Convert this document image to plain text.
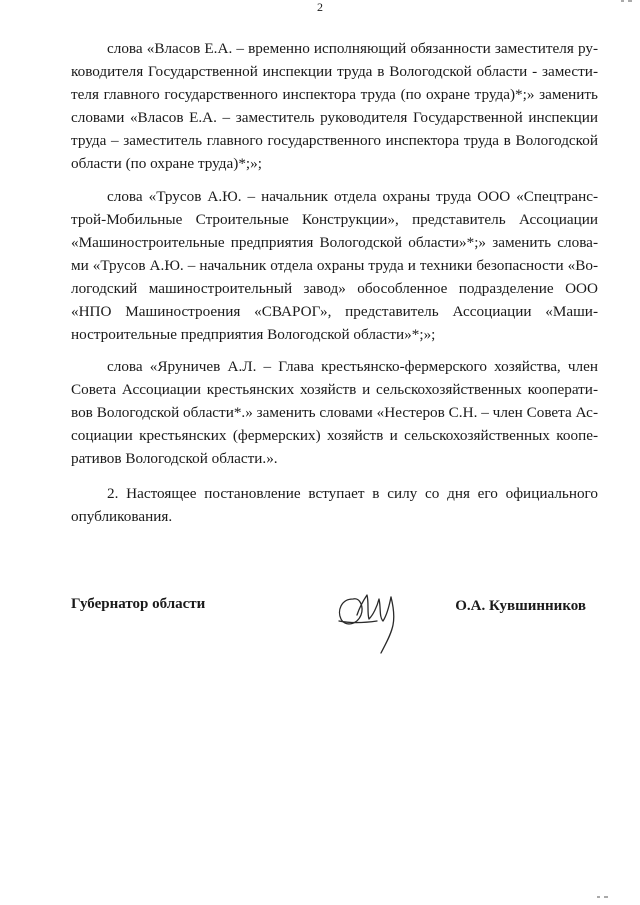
2

слова «Власов Е.А. – временно исполняющий обязанности заместителя руководителя Государственной инспекции труда в Вологодской области - заместителя главного государственного инспектора труда (по охране труда)*;» заменить словами «Власов Е.А. – заместитель руководителя Государственной инспекции труда – заместитель главного государственного инспектора труда в Вологодской области (по охране труда)*;»;

слова «Трусов А.Ю. – начальник отдела охраны труда ООО «Спецтранстрой-Мобильные Строительные Конструкции», представитель Ассоциации «Машиностроительные предприятия Вологодской области»*;» заменить словами «Трусов А.Ю. – начальник отдела охраны труда и техники безопасности «Вологодский машиностроительный завод» обособленное подразделение ООО «НПО Машиностроения «СВАРОГ», представитель Ассоциации «Машиностроительные предприятия Вологодской области»*;»;

слова «Яруничев А.Л. – Глава крестьянско-фермерского хозяйства, член Совета Ассоциации крестьянских хозяйств и сельскохозяйственных кооперативов Вологодской области*.» заменить словами «Нестеров С.Н. – член Совета Ассоциации крестьянских (фермерских) хозяйств и сельскохозяйственных кооперативов Вологодской области.».

2. Настоящее постановление вступает в силу со дня его официального опубликования.

Губернатор области	О.А. Кувшинников
